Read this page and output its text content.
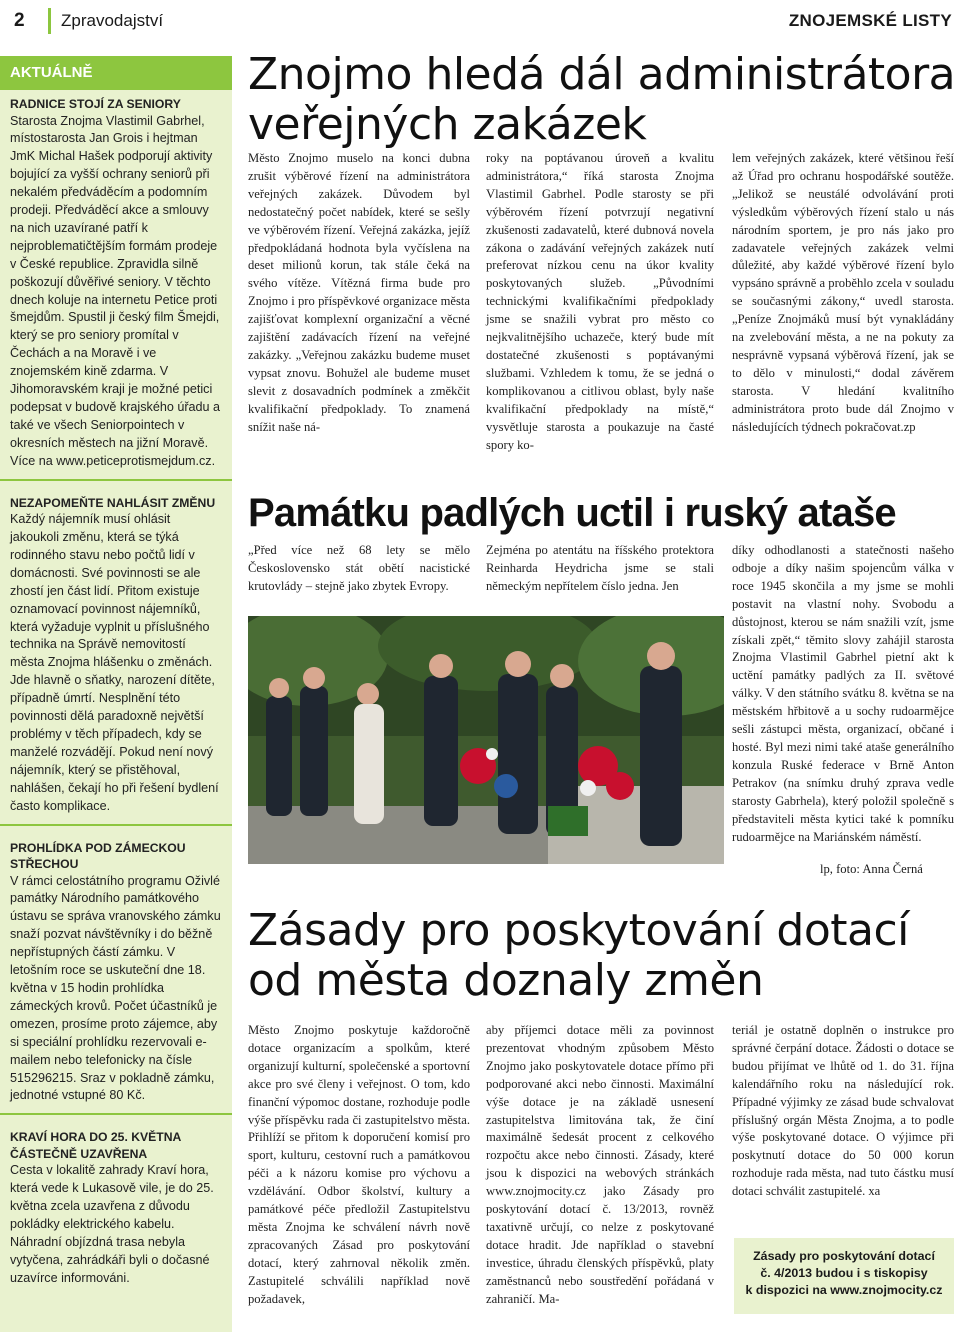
2	Zpravodajství	ZNOJEMSKÉ LISTY
AKTUÁLNĚ
RADNICE STOJÍ ZA SENIORY
Starosta Znojma Vlastimil Gabrhel, místostarosta Jan Grois i hejtman JmK Michal Hašek podporují aktivity bojující za vyšší ochrany seniorů při nekalém předváděcím a podomním prodeji. Předváděcí akce a smlouvy na nich uzavírané patří k nejproblematičtějším formám prodeje v České republice. Zpravidla silně poškozují důvěřivé seniory. V těchto dnech koluje na internetu Petice proti šmejdům. Spustil ji český film Šmejdi, který se pro seniory promítal v Čechách a na Moravě i ve znojemském kině zdarma. V Jihomoravském kraji je možné petici podepsat v budově krajského úřadu a také ve všech Seniorpointech v okresních městech na jižní Moravě. Více na www.peticeprotismejdum.cz.
NEZAPOMEŇTE NAHLÁSIT ZMĚNU
Každý nájemník musí ohlásit jakoukoli změnu, která se týká rodinného stavu nebo počtů lidí v domácnosti. Své povinnosti se ale zhostí jen část lidí. Přitom existuje oznamovací povinnost nájemníků, která vyžaduje vyplnit u příslušného technika na Správě nemovitostí města Znojma hlášenku o změnách. Jde hlavně o sňatky, narození dítěte, případně úmrtí. Nesplnění této povinnosti dělá paradoxně největší problémy v těch případech, kdy se manželé rozvádějí. Pokud není nový nájemník, který se přistěhoval, nahlášen, čekají ho při řešení bydlení často komplikace.
PROHLÍDKA POD ZÁMECKOU STŘECHOU
V rámci celostátního programu Oživlé památky Národního památkového ústavu se správa vranovského zámku snaží pozvat návštěvníky i do běžně nepřístupných částí zámku. V letošním roce se uskuteční dne 18. května v 15 hodin prohlídka zámeckých krovů. Počet účastníků je omezen, prosíme proto zájemce, aby si speciální prohlídku rezervovali e-mailem nebo telefonicky na čísle 515296215. Sraz v pokladně zámku, jednotné vstupné 80 Kč.
KRAVÍ HORA DO 25. KVĚTNA ČÁSTEČNĚ UZAVŘENA
Cesta v lokalitě zahrady Kraví hora, která vede k Lukasově vile, je do 25. května zcela uzavřena z důvodu pokládky elektrického kabelu. Náhradní objízdná trasa nebyla vytyčena, zahrádkáři byli o dočasné uzavírce informováni.
Znojmo hledá dál administrátora
veřejných zakázek
Město Znojmo muselo na konci dubna zrušit výběrové řízení na administrátora veřejných zakázek. Důvodem byl nedostatečný počet nabídek, které se sešly ve výběrovém řízení. Veřejná zakázka, jejíž předpokládaná hodnota byla vyčíslena na deset milionů korun, tak stále čeká na svého vítěze. Vítězná firma bude pro Znojmo i pro příspěvkové organizace města zajišťovat komplexní organizační a věcné zajištění zadávacích řízení na veřejné zakázky. „Veřejnou zakázku budeme muset vypsat znovu. Bohužel ale budeme muset slevit z dosavadních podmínek a změkčit kvalifikační předpoklady. To znamená snížit naše ná-
roky na poptávanou úroveň a kvalitu administrátora,“ říká starosta Znojma Vlastimil Gabrhel. Podle starosty se při výběrovém řízení potvrzují negativní zkušenosti zadavatelů, které dubnová novela zákona o zadávání veřejných zakázek nutí preferovat nízkou cenu na úkor kvality poskytovaných služeb. „Původními technickými kvalifikačními předpoklady jsme se snažili vybrat pro město co nejkvalitnějšího uchazeče, který bude mít dostatečné zkušenosti s poptávanými službami. Vzhledem k tomu, že se jedná o komplikovanou a citlivou oblast, byly naše kvalifikační předpoklady na místě,“ vysvětluje starosta a poukazuje na časté spory ko-
lem veřejných zakázek, které většinou řeší až Úřad pro ochranu hospodářské soutěže. „Jelikož se neustálé odvolávání proti výsledkům výběrových řízení stalo u nás národním sportem, je pro nás jako pro zadavatele veřejných zakázek velmi důležité, aby každé výběrové řízení bylo vypsáno správně a proběhlo zcela v souladu se současnými zákony,“ uvedl starosta. „Peníze Znojmáků musí být vynakládány na zvelebování města, a ne na pokuty za nesprávně vypsaná výběrová řízení, jak se to dělo v minulosti,“ dodal závěrem starosta. V hledání kvalitního administrátora proto bude dál Znojmo v následujících týdnech pokračovat.zp
Památku padlých uctil i ruský ataše
„Před více než 68 lety se mělo Československo stát obětí nacistické krutovlády – stejně jako zbytek Evropy.
Zejména po atentátu na říšského protektora Reinharda Heydricha jsme se stali německým nepřítelem číslo jedna. Jen
díky odhodlanosti a statečnosti našeho odboje a díky našim spojencům válka v roce 1945 skončila a my jsme se mohli postavit na vlastní nohy. Svobodu a důstojnost, kterou se nám snažili vzít, jsme získali zpět,“ těmito slovy zahájil starosta Znojma Vlastimil Gabrhel pietní akt k uctění památky padlých za II. světové války. V den státního svátku 8. května se na městském hřbitově a u sochy rudoarmějce sešli zástupci města, organizací, občané i hosté. Byl mezi nimi také ataše generálního konzula Ruské federace v Brně Anton Petrakov (na snímku druhý zprava vedle starosty Gabrhela), který položil společně s představiteli města kytici také k pomníku rudoarmějce na Mariánském náměstí.
lp, foto: Anna Černá
Zásady pro poskytování dotací
od města doznaly změn
Město Znojmo poskytuje každoročně dotace organizacím a spolkům, které organizují kulturní, společenské a sportovní akce pro své členy i veřejnost. O tom, kdo finanční výpomoc dostane, rozhoduje podle výše příspěvku rada či zastupitelstvo města. Přihlíží se přitom k doporučení komisí pro sport, kulturu, cestovní ruch a památkovou péči a k názoru komise pro výchovu a vzdělávání. Odbor školství, kultury a památkové péče předložil Zastupitelstvu města Znojma ke schválení návrh nově zpracovaných Zásad pro poskytování dotací, který zahrnoval několik změn. Zastupitelé schválili například nově požadavek,
aby příjemci dotace měli za povinnost prezentovat vhodným způsobem Město Znojmo jako poskytovatele dotace přímo při podporované akci nebo činnosti. Maximální výše dotace je na základě usnesení zastupitelstva limitována tak, že činí maximálně šedesát procent z celkového rozpočtu akce nebo činnosti. Zásady, které jsou k dispozici na webových stránkách www.znojmocity.cz jako Zásady pro poskytování dotací č. 13/2013, rovněž taxativně určují, co nelze z poskytované dotace hradit. Jde například o stavební investice, úhradu členských příspěvků, platy zaměstnanců nebo soustředění pořádaná v zahraničí. Ma-
teriál je ostatně doplněn o instrukce pro správné čerpání dotace. Žádosti o dotace se budou přijímat ve lhůtě od 1. do 31. října kalendářního roku na následující rok. Případné výjimky ze zásad bude schvalovat příslušný orgán Města Znojma, a to podle výše poskytované dotace. O výjimce při poskytnutí dotace do 50 000 korun rozhoduje rada města, nad tuto částku musí dotaci schválit zastupitelé. xa
Zásady pro poskytování dotací
č. 4/2013 budou i s tiskopisy
k dispozici na www.znojmocity.cz
